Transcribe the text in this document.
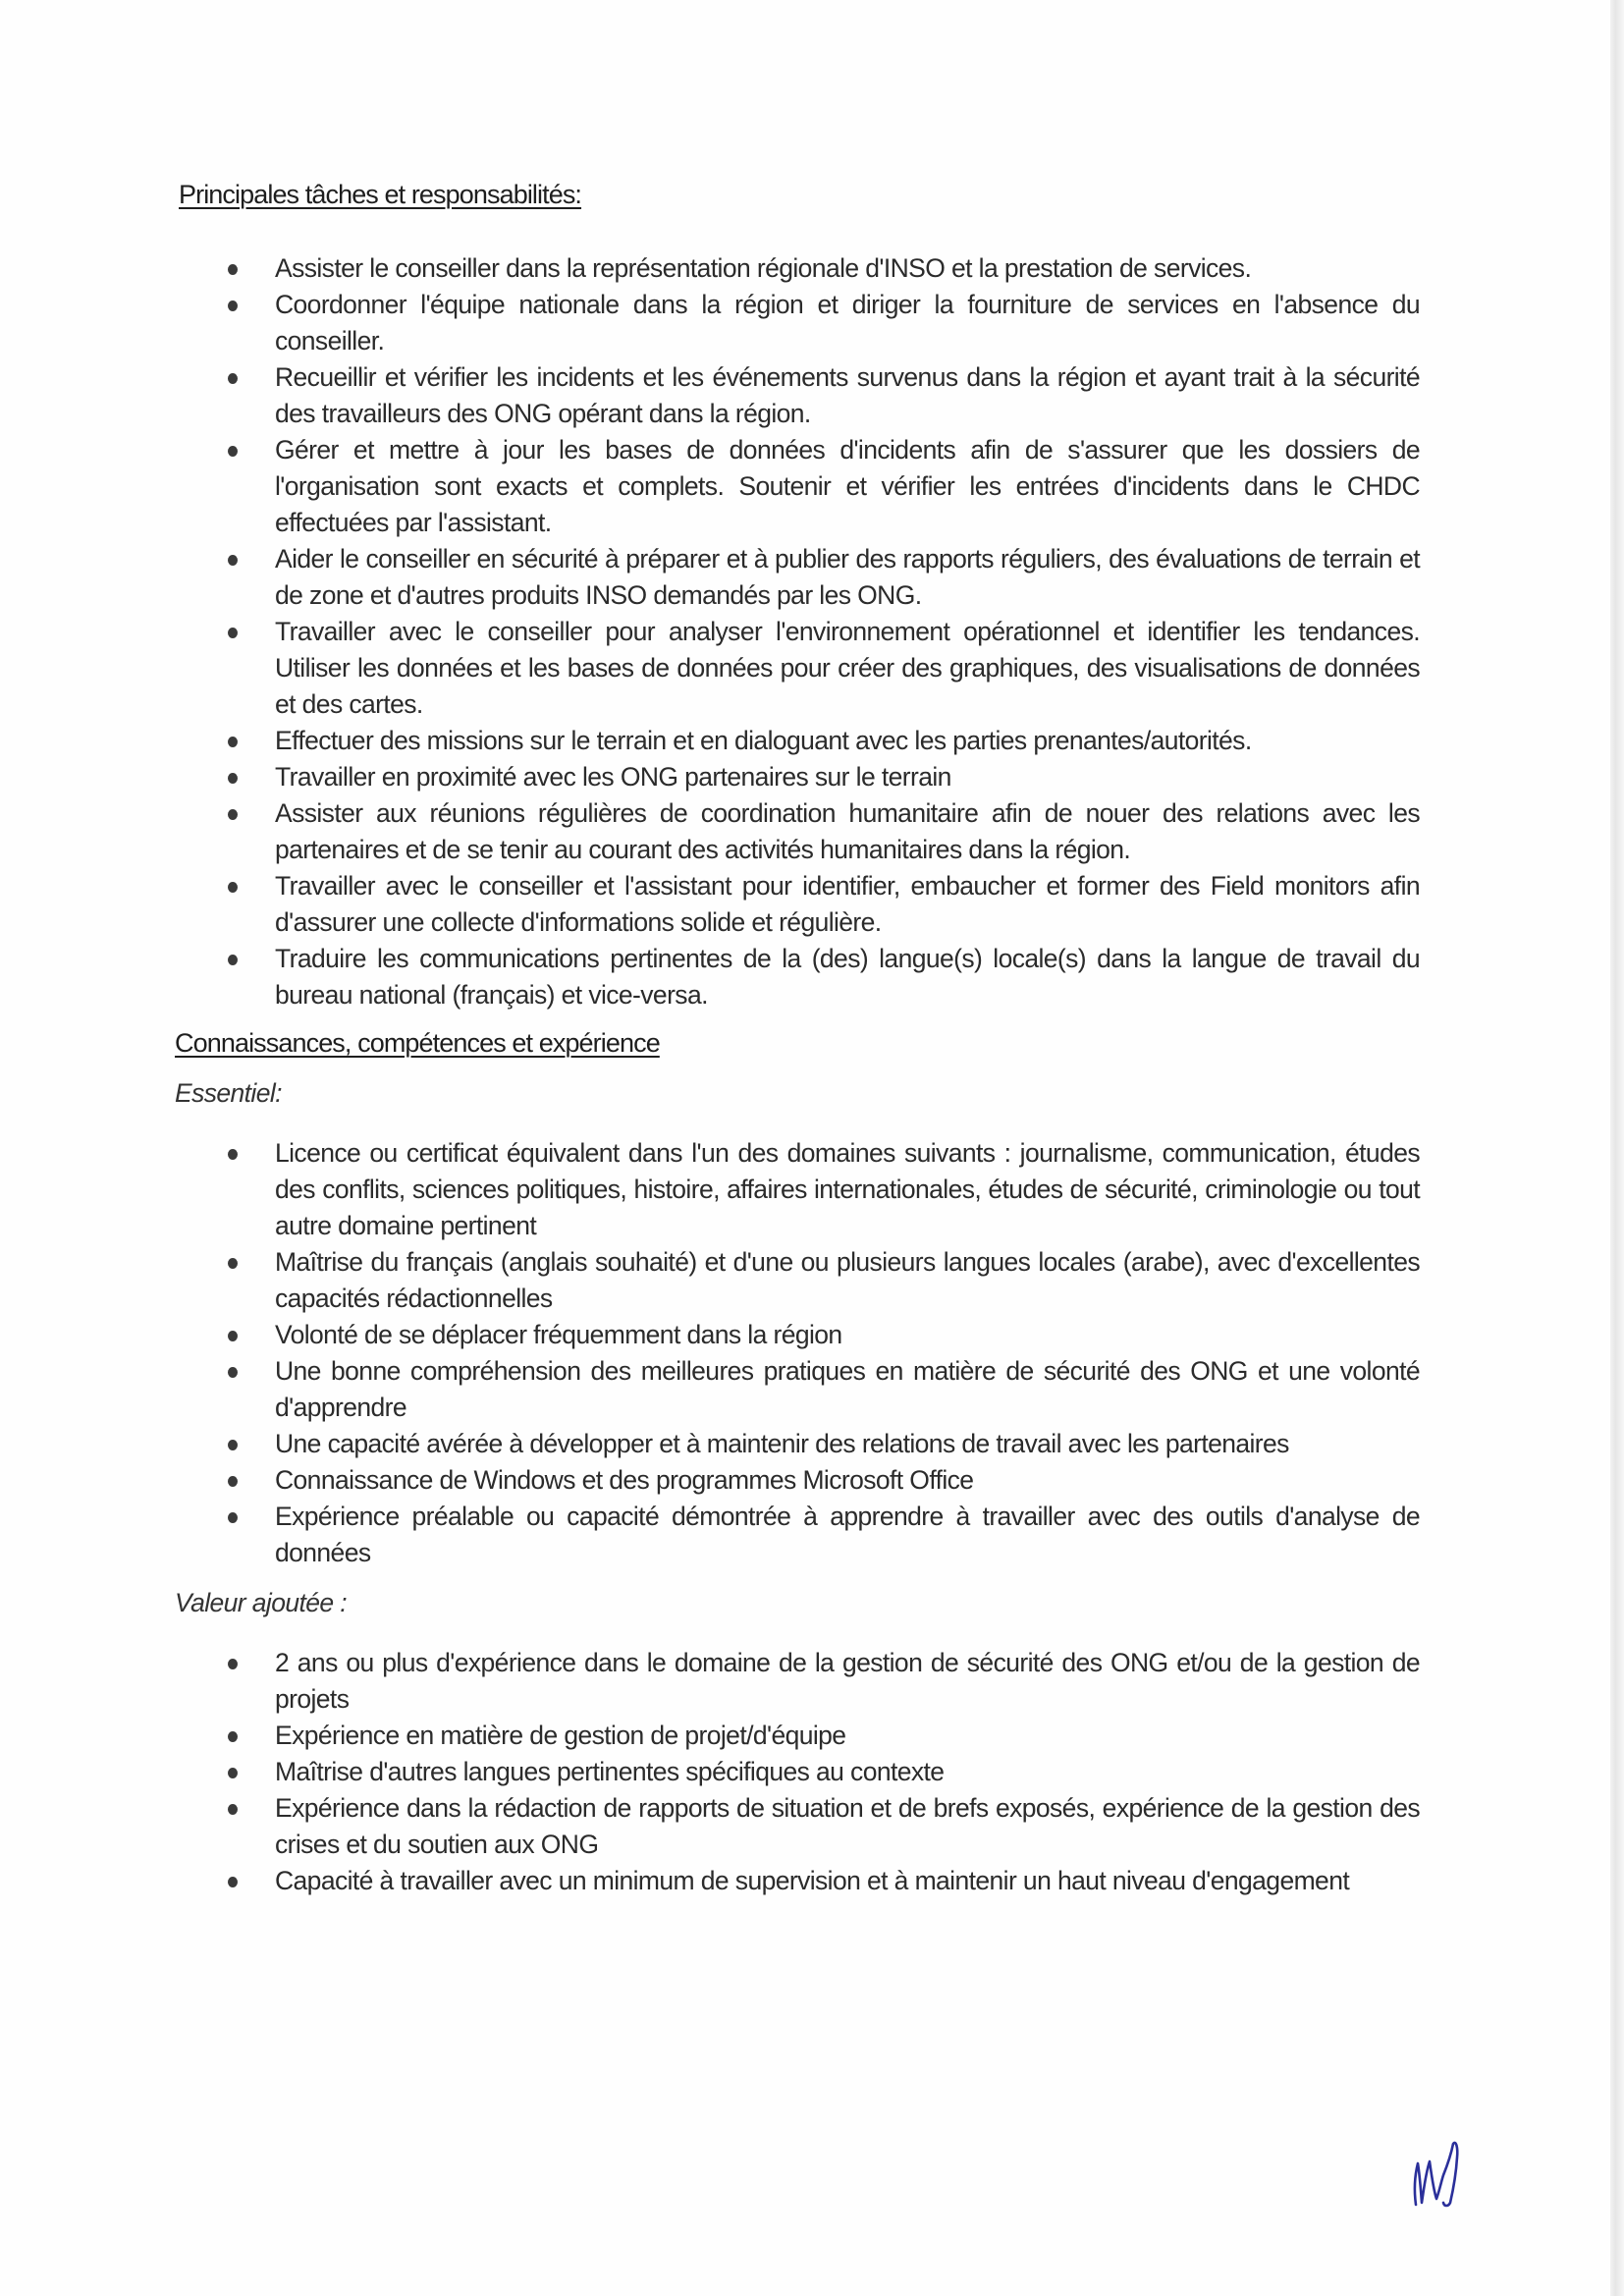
Principales tâches et responsabilités:
Assister le conseiller dans la représentation régionale d'INSO et la prestation de services.
Coordonner l'équipe nationale dans la région et diriger la fourniture de services en l'absence du conseiller.
Recueillir et vérifier les incidents et les événements survenus dans la région et ayant trait à la sécurité des travailleurs des ONG opérant dans la région.
Gérer et mettre à jour les bases de données d'incidents afin de s'assurer que les dossiers de l'organisation sont exacts et complets. Soutenir et vérifier les entrées d'incidents dans le CHDC effectuées par l'assistant.
Aider le conseiller en sécurité à préparer et à publier des rapports réguliers, des évaluations de terrain et de zone et d'autres produits INSO demandés par les ONG.
Travailler avec le conseiller pour analyser l'environnement opérationnel et identifier les tendances. Utiliser les données et les bases de données pour créer des graphiques, des visualisations de données et des cartes.
Effectuer des missions sur le terrain et en dialoguant avec les parties prenantes/autorités.
Travailler en proximité avec les ONG partenaires sur le terrain
Assister aux réunions régulières de coordination humanitaire afin de nouer des relations avec les partenaires et de se tenir au courant des activités humanitaires dans la région.
Travailler avec le conseiller et l'assistant pour identifier, embaucher et former des Field monitors afin d'assurer une collecte d'informations solide et régulière.
Traduire les communications pertinentes de la (des) langue(s) locale(s) dans la langue de travail du bureau national (français) et vice-versa.
Connaissances, compétences et expérience

Essentiel:

Licence ou certificat équivalent dans l'un des domaines suivants : journalisme, communication, études des conflits, sciences politiques, histoire, affaires internationales, études de sécurité, criminologie ou tout autre domaine pertinent
Maîtrise du français (anglais souhaité) et d'une ou plusieurs langues locales (arabe), avec d'excellentes capacités rédactionnelles
Volonté de se déplacer fréquemment dans la région
Une bonne compréhension des meilleures pratiques en matière de sécurité des ONG et une volonté d'apprendre
Une capacité avérée à développer et à maintenir des relations de travail avec les partenaires
Connaissance de Windows et des programmes Microsoft Office
Expérience préalable ou capacité démontrée à apprendre à travailler avec des outils d'analyse de données

Valeur ajoutée :

2 ans ou plus d'expérience dans le domaine de la gestion de sécurité des ONG et/ou de la gestion de projets
Expérience en matière de gestion de projet/d'équipe
Maîtrise d'autres langues pertinentes spécifiques au contexte
Expérience dans la rédaction de rapports de situation et de brefs exposés, expérience de la gestion des crises et du soutien aux ONG
Capacité à travailler avec un minimum de supervision et à maintenir un haut niveau d'engagement
